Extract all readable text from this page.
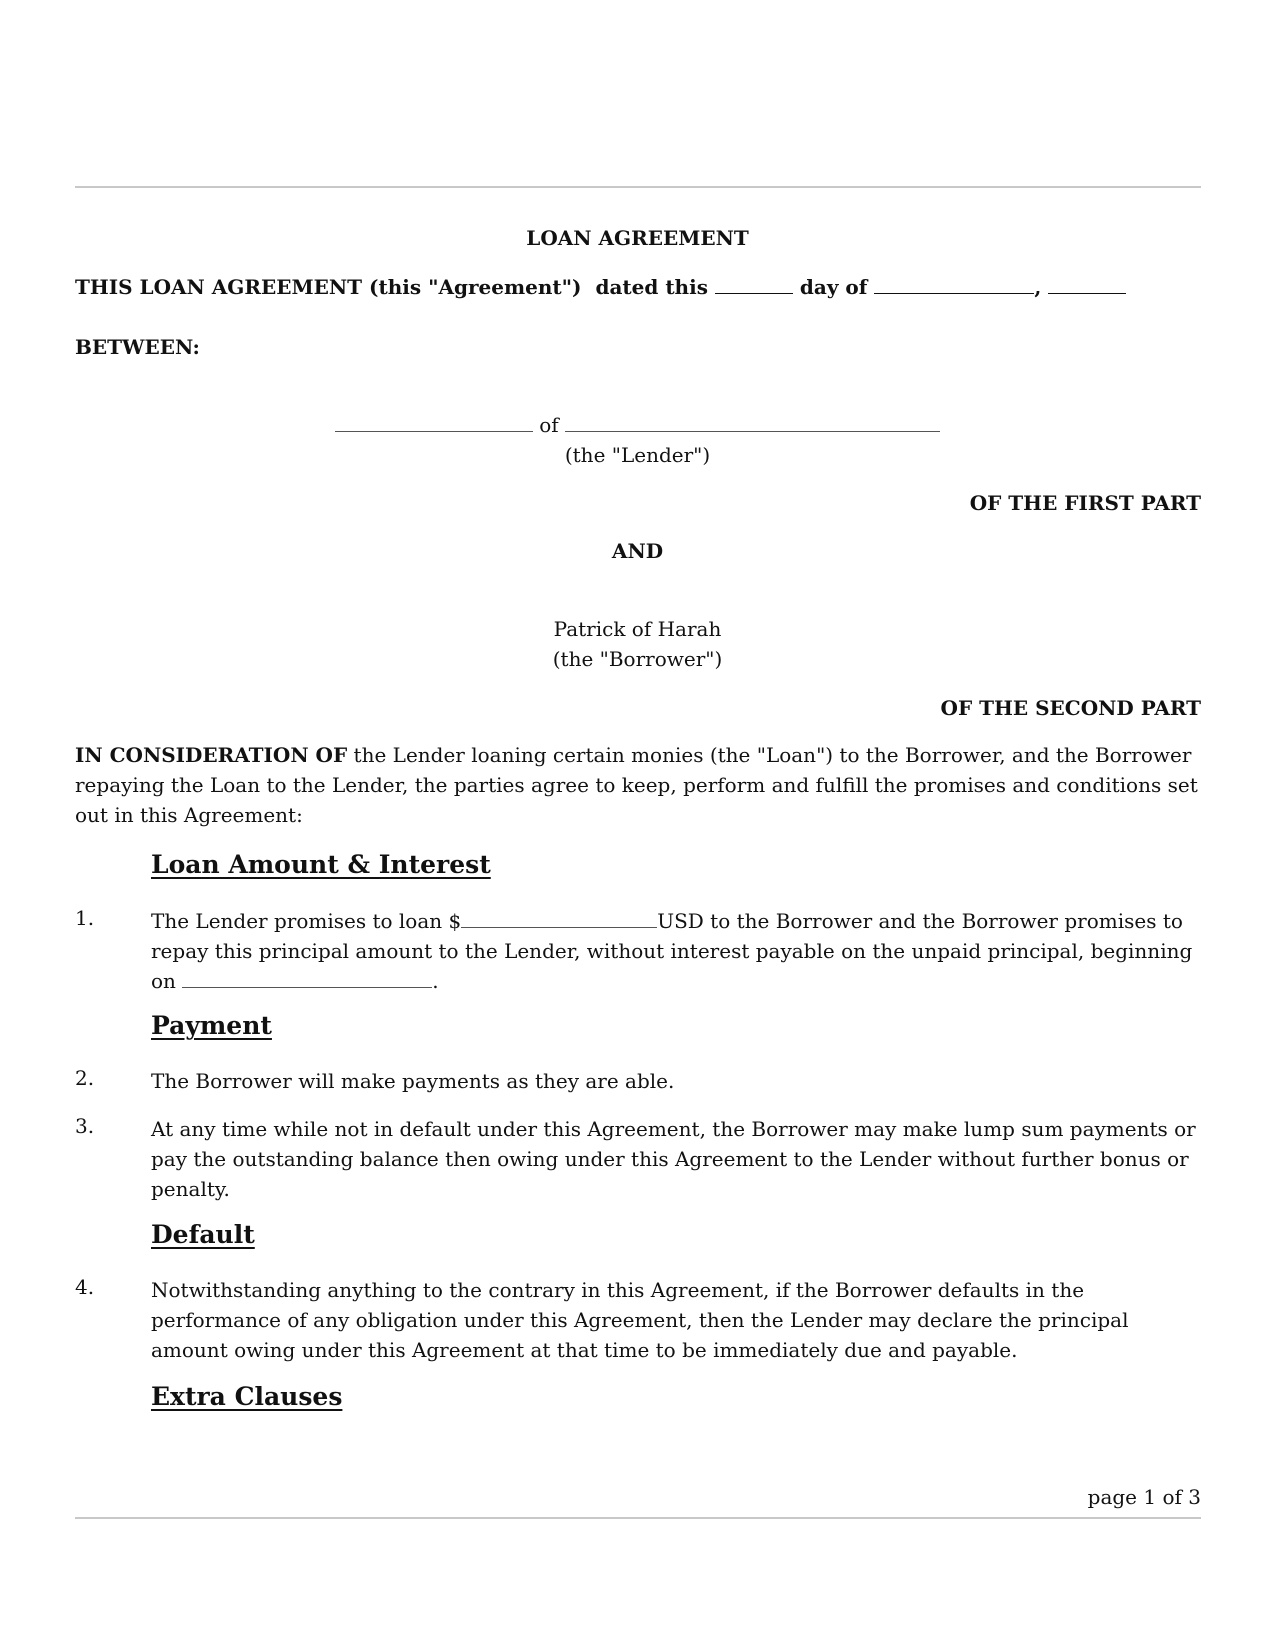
LOAN AGREEMENT
THIS LOAN AGREEMENT (this "Agreement") dated this	day of	,
BETWEEN:
of
(the "Lender")
OF THE FIRST PART
AND
Patrick of Harah
(the "Borrower")
OF THE SECOND PART
IN CONSIDERATION OF the Lender loaning certain monies (the "Loan") to the Borrower, and the Borrower repaying the Loan to the Lender, the parties agree to keep, perform and fulfill the promises and conditions set out in this Agreement:
Loan Amount & Interest
1.	The Lender promises to loan $	USD to the Borrower and the Borrower promises to repay this principal amount to the Lender, without interest payable on the unpaid principal, beginning on	.
Payment
2.	The Borrower will make payments as they are able.
3.	At any time while not in default under this Agreement, the Borrower may make lump sum payments or pay the outstanding balance then owing under this Agreement to the Lender without further bonus or penalty.
Default
4.	Notwithstanding anything to the contrary in this Agreement, if the Borrower defaults in the performance of any obligation under this Agreement, then the Lender may declare the principal amount owing under this Agreement at that time to be immediately due and payable.
Extra Clauses
page 1 of 3
